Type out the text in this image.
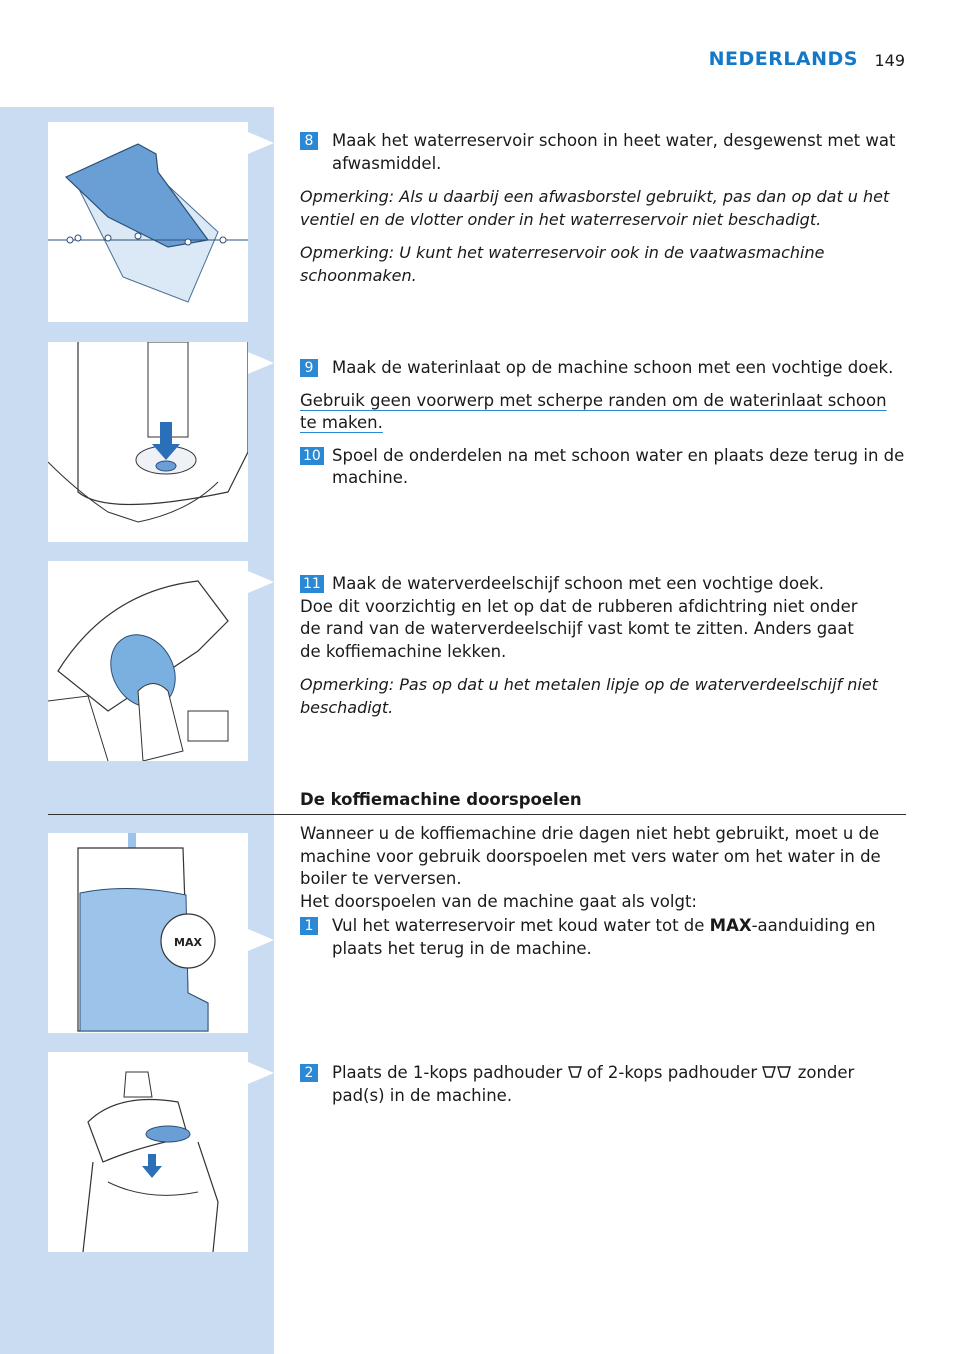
NEDERLANDS 149
MAX
8 Maak het waterreservoir schoon in heet water, desgewenst met wat afwasmiddel.
Opmerking: Als u daarbij een afwasborstel gebruikt, pas dan op dat u het ventiel en de vlotter onder in het waterreservoir niet beschadigt.
Opmerking: U kunt het waterreservoir ook in de vaatwasmachine schoonmaken.
9 Maak de waterinlaat op de machine schoon met een vochtige doek.
Gebruik geen voorwerp met scherpe randen om de waterinlaat schoon te maken.
10 Spoel de onderdelen na met schoon water en plaats deze terug in de machine.
11 Maak de waterverdeelschijf schoon met een vochtige doek.
Doe dit voorzichtig en let op dat de rubberen afdichtring niet onder de rand van de waterverdeelschijf vast komt te zitten. Anders gaat de koffiemachine lekken.
Opmerking: Pas op dat u het metalen lipje op de waterverdeelschijf niet beschadigt.
De koffiemachine doorspoelen

Wanneer u de koffiemachine drie dagen niet hebt gebruikt, moet u de machine voor gebruik doorspoelen met vers water om het water in de boiler te verversen.

Het doorspoelen van de machine gaat als volgt:

1 Vul het waterreservoir met koud water tot de MAX-aanduiding en plaats het terug in de machine.
2 Plaats de 1-kops padhouder  of 2-kops padhouder  zonder pad(s) in de machine.
